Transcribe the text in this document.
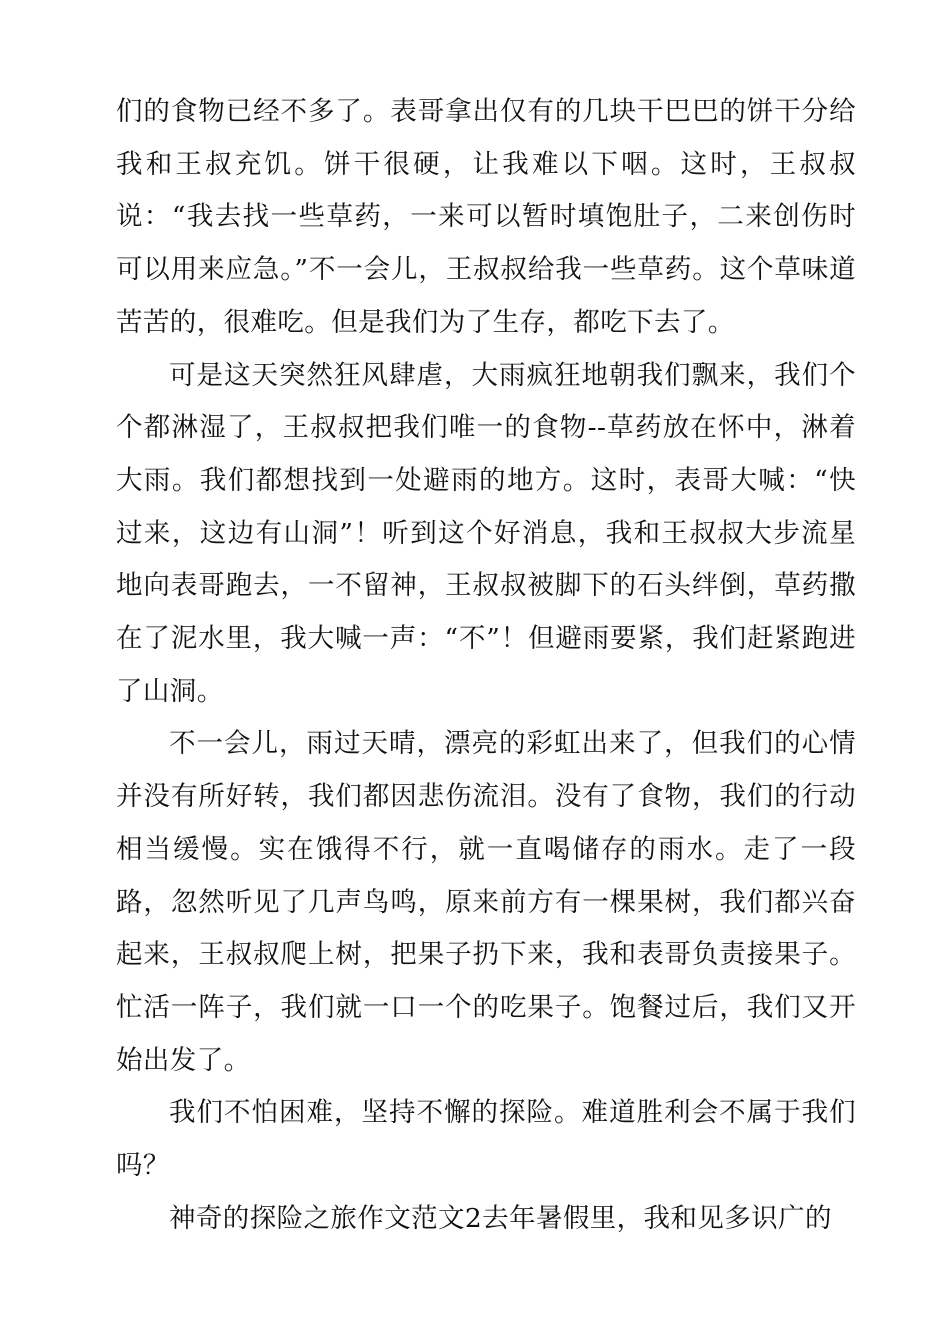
们的食物已经不多了。表哥拿出仅有的几块干巴巴的饼干分给我和王叔充饥。饼干很硬，让我难以下咽。这时，王叔叔说：“我去找一些草药，一来可以暂时填饱肚子，二来创伤时可以用来应急。”不一会儿，王叔叔给我一些草药。这个草味道苦苦的，很难吃。但是我们为了生存，都吃下去了。

可是这天突然狂风肆虐，大雨疯狂地朝我们飘来，我们个个都淋湿了，王叔叔把我们唯一的食物--草药放在怀中，淋着大雨。我们都想找到一处避雨的地方。这时，表哥大喊：“快过来，这边有山洞”！听到这个好消息，我和王叔叔大步流星地向表哥跑去，一不留神，王叔叔被脚下的石头绊倒，草药撒在了泥水里，我大喊一声：“不”！但避雨要紧，我们赶紧跑进了山洞。

不一会儿，雨过天晴，漂亮的彩虹出来了，但我们的心情并没有所好转，我们都因悲伤流泪。没有了食物，我们的行动相当缓慢。实在饿得不行，就一直喝储存的雨水。走了一段路，忽然听见了几声鸟鸣，原来前方有一棵果树，我们都兴奋起来，王叔叔爬上树，把果子扔下来，我和表哥负责接果子。忙活一阵子，我们就一口一个的吃果子。饱餐过后，我们又开始出发了。

我们不怕困难，坚持不懈的探险。难道胜利会不属于我们吗？

神奇的探险之旅作文范文2去年暑假里，我和见多识广的
